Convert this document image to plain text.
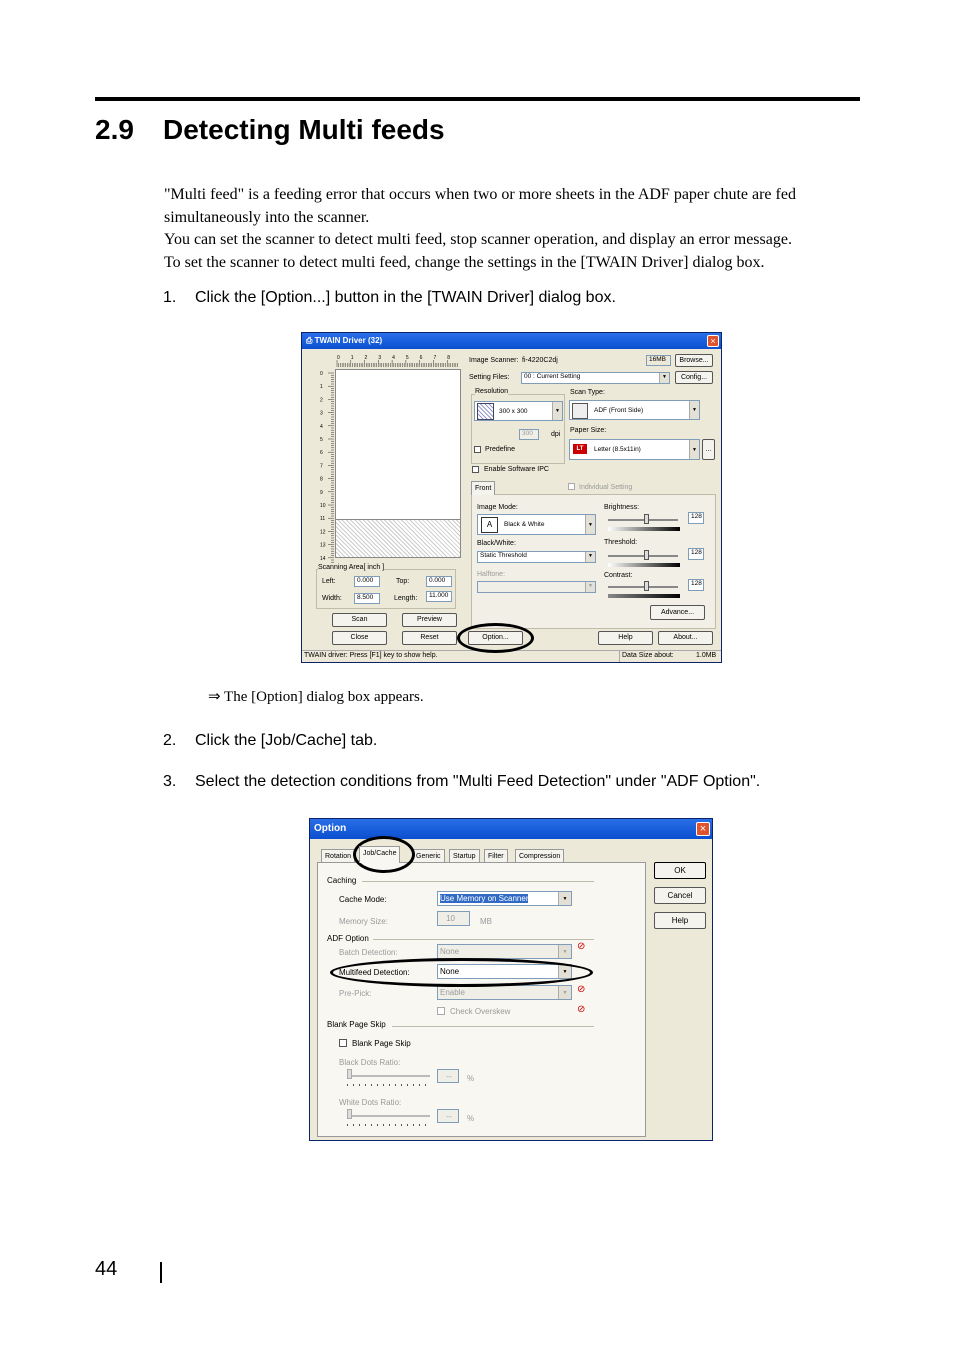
2.9 Detecting Multi feeds

"Multi feed" is a feeding error that occurs when two or more sheets in the ADF paper chute are fed

simultaneously into the scanner.

You can set the scanner to detect multi feed, stop scanner operation, and display an error message.

To set the scanner to detect multi feed, change the settings in the [TWAIN Driver] dialog box.

1. Click the [Option...] button in the [TWAIN Driver] dialog box.
⎙ TWAIN Driver (32)	×
0 1 2 3 4 5 6 7 8
0
1
2
3
4
5
6
7
8
9
10
11
12
13
14
Scanning Area[ inch ]
Left:	0.000	Top:	0.000
Width:	8.500	Length:	11.000
Image Scanner: fi-4220C2dj	16MB	Browse...
Setting Files:	00 : Current Setting	▼	Config...
Resolution
300 x 300	▼
300	dpi
Predefine
Scan Type:
ADF (Front Side)	▼
Paper Size:
Letter (8.5x11in)	▼
LT	...
Enable Software IPC
Front	Individual Setting
Image Mode:
Black & White	▼
A
Black/White:
Static Threshold	▼
Halftone:
▼
Brightness:
128
Threshold:
128
Contrast:
128
Advance...
Scan	Preview
Close	Reset	Option...	Help	About...
TWAIN driver: Press [F1] key to show help.	Data Size about:	1.0MB
⇒ The [Option] dialog box appears.
2. Click the [Job/Cache] tab.
3. Select the detection conditions from "Multi Feed Detection" under "ADF Option".
Option	×
Rotation	Job/Cache	Generic	Startup	Filter	Compression
OK
Cancel
Help
Caching
Cache Mode:	Use Memory on Scanner	▼
Memory Size:	10	MB
ADF Option
Batch Detection:	None	▼ ⊘
Multifeed Detection:	None	▼
Pre-Pick:	Enable	▼ ⊘
Check Overskew	⊘
Blank Page Skip
Blank Page Skip
Black Dots Ratio:
--	%
White Dots Ratio:
--	%
44
